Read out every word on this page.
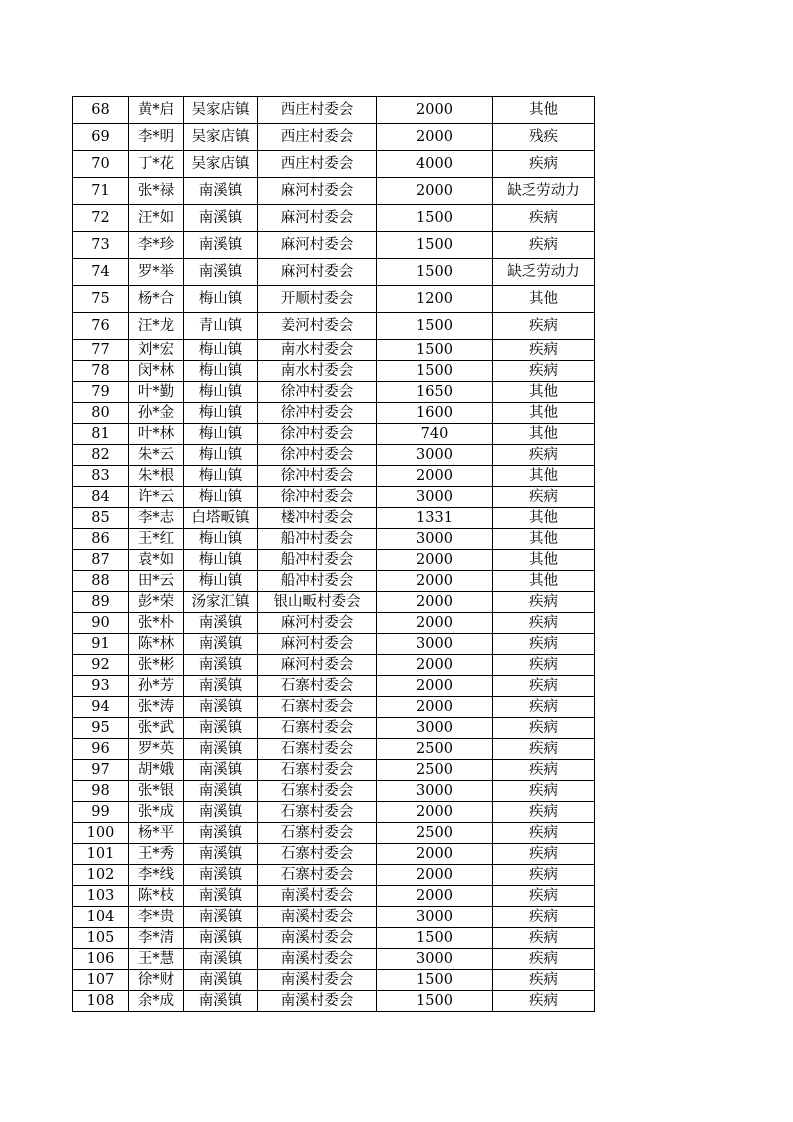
68	黄*启	吴家店镇	西庄村委会	2000	其他
69	李*明	吴家店镇	西庄村委会	2000	残疾
70	丁*花	吴家店镇	西庄村委会	4000	疾病
71	张*禄	南溪镇	麻河村委会	2000	缺乏劳动力
72	汪*如	南溪镇	麻河村委会	1500	疾病
73	李*珍	南溪镇	麻河村委会	1500	疾病
74	罗*举	南溪镇	麻河村委会	1500	缺乏劳动力
75	杨*合	梅山镇	开顺村委会	1200	其他
76	汪*龙	青山镇	姜河村委会	1500	疾病
77	刘*宏	梅山镇	南水村委会	1500	疾病
78	闵*林	梅山镇	南水村委会	1500	疾病
79	叶*勤	梅山镇	徐冲村委会	1650	其他
80	孙*金	梅山镇	徐冲村委会	1600	其他
81	叶*林	梅山镇	徐冲村委会	740	其他
82	朱*云	梅山镇	徐冲村委会	3000	疾病
83	朱*根	梅山镇	徐冲村委会	2000	其他
84	许*云	梅山镇	徐冲村委会	3000	疾病
85	李*志	白塔畈镇	楼冲村委会	1331	其他
86	王*红	梅山镇	船冲村委会	3000	其他
87	袁*如	梅山镇	船冲村委会	2000	其他
88	田*云	梅山镇	船冲村委会	2000	其他
89	彭*荣	汤家汇镇	银山畈村委会	2000	疾病
90	张*朴	南溪镇	麻河村委会	2000	疾病
91	陈*林	南溪镇	麻河村委会	3000	疾病
92	张*彬	南溪镇	麻河村委会	2000	疾病
93	孙*芳	南溪镇	石寨村委会	2000	疾病
94	张*涛	南溪镇	石寨村委会	2000	疾病
95	张*武	南溪镇	石寨村委会	3000	疾病
96	罗*英	南溪镇	石寨村委会	2500	疾病
97	胡*娥	南溪镇	石寨村委会	2500	疾病
98	张*银	南溪镇	石寨村委会	3000	疾病
99	张*成	南溪镇	石寨村委会	2000	疾病
100	杨*平	南溪镇	石寨村委会	2500	疾病
101	王*秀	南溪镇	石寨村委会	2000	疾病
102	李*线	南溪镇	石寨村委会	2000	疾病
103	陈*枝	南溪镇	南溪村委会	2000	疾病
104	李*贵	南溪镇	南溪村委会	3000	疾病
105	李*清	南溪镇	南溪村委会	1500	疾病
106	王*慧	南溪镇	南溪村委会	3000	疾病
107	徐*财	南溪镇	南溪村委会	1500	疾病
108	余*成	南溪镇	南溪村委会	1500	疾病
